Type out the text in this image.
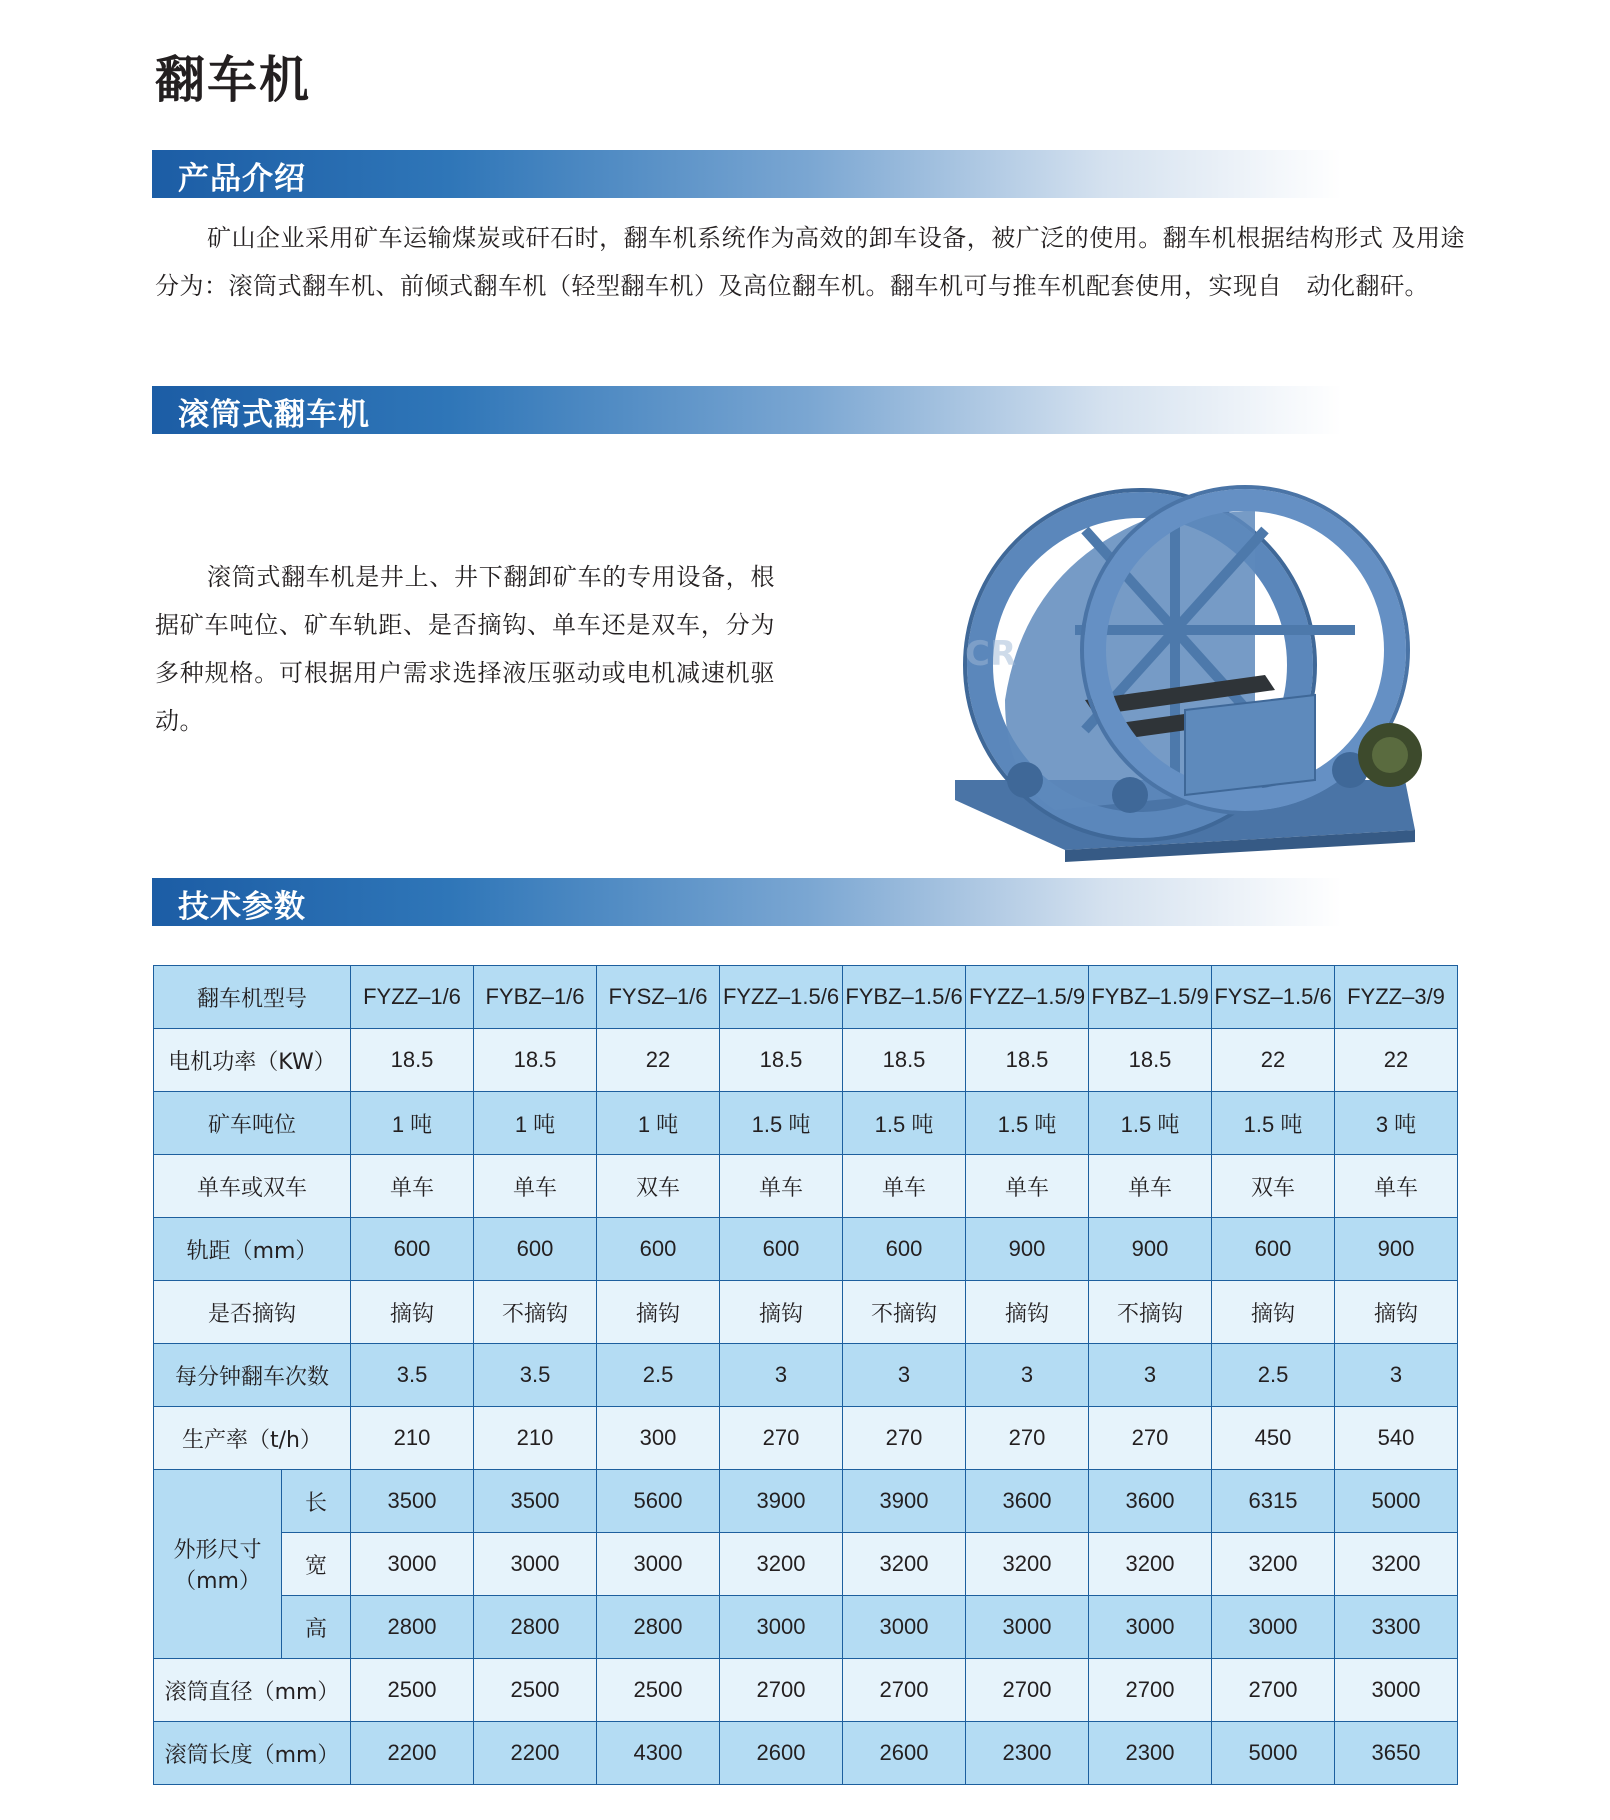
翻车机
产品介绍

矿山企业采用矿车运输煤炭或矸石时，翻车机系统作为高效的卸车设备，被广泛的使用。翻车机根据结构形式 及用途分为：滚筒式翻车机、前倾式翻车机（轻型翻车机）及高位翻车机。翻车机可与推车机配套使用，实现自　动化翻矸。

滚筒式翻车机

滚筒式翻车机是井上、井下翻卸矿车的专用设备，根据矿车吨位、矿车轨距、是否摘钩、单车还是双车，分为多种规格。可根据用户需求选择液压驱动或电机减速机驱动。

CR
技术参数
翻车机型号		FYZZ–1/6	FYBZ–1/6	FYSZ–1/6	FYZZ–1.5/6	FYBZ–1.5/6	FYZZ–1.5/9	FYBZ–1.5/9	FYSZ–1.5/6	FYZZ–3/9
电机功率（KW）		18.5	18.5	22	18.5	18.5	18.5	18.5	22	22
矿车吨位		1 吨	1 吨	1 吨	1.5 吨	1.5 吨	1.5 吨	1.5 吨	1.5 吨	3 吨
单车或双车		单车	单车	双车	单车	单车	单车	单车	双车	单车
轨距（mm）		600	600	600	600	600	900	900	600	900
是否摘钩		摘钩	不摘钩	摘钩	摘钩	不摘钩	摘钩	不摘钩	摘钩	摘钩
每分钟翻车次数		3.5	3.5	2.5	3	3	3	3	2.5	3
生产率（t/h）		210	210	300	270	270	270	270	450	540

外形尺寸
（mm）	长	3500	3500	5600	3900	3900	3600	3600	6315	5000
	宽	3000	3000	3000	3200	3200	3200	3200	3200	3200
	高	2800	2800	2800	3000	3000	3000	3000	3000	3300
滚筒直径（mm）		2500	2500	2500	2700	2700	2700	2700	2700	3000
滚筒长度（mm）		2200	2200	4300	2600	2600	2300	2300	5000	3650
